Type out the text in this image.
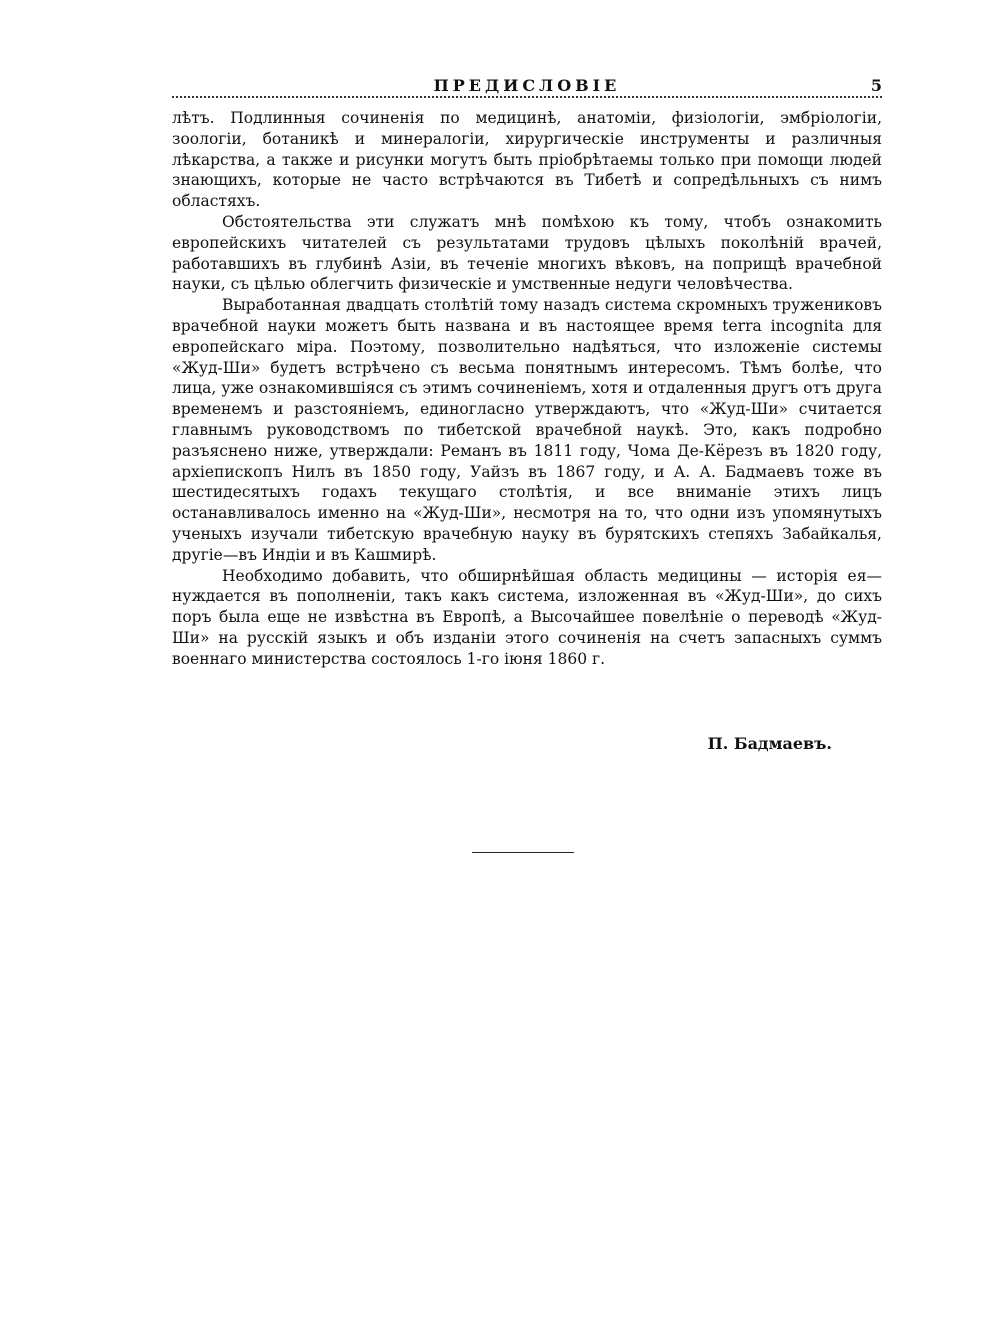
ПРЕДИСЛОВІЕ	5

лѣтъ. Подлинныя сочиненія по медицинѣ, анатоміи, физіологіи, эмбріологіи, зоологіи, ботаникѣ и минералогіи, хирургическіе инструменты и различныя лѣкарства, а также и рисунки могутъ быть пріобрѣтаемы только при помощи людей знающихъ, которые не часто встрѣчаются въ Тибетѣ и сопредѣльныхъ съ нимъ областяхъ.

Обстоятельства эти служатъ мнѣ помѣхою къ тому, чтобъ ознакомить европейскихъ читателей съ результатами трудовъ цѣлыхъ поколѣній врачей, работавшихъ въ глубинѣ Азіи, въ теченіе многихъ вѣковъ, на поприщѣ врачебной науки, съ цѣлью облегчить физическіе и умственные недуги человѣчества.

Выработанная двадцать столѣтій тому назадъ система скромныхъ тружениковъ врачебной науки можетъ быть названа и въ настоящее время terra incognita для европейскаго міра. Поэтому, позволительно надѣяться, что изложеніе системы «Жуд-Ши» будетъ встрѣчено съ весьма понятнымъ интересомъ. Тѣмъ болѣе, что лица, уже ознакомившіяся съ этимъ сочиненіемъ, хотя и отдаленныя другъ отъ друга временемъ и разстояніемъ, единогласно утверждаютъ, что «Жуд-Ши» считается главнымъ руководствомъ по тибетской врачебной наукѣ. Это, какъ подробно разъяснено ниже, утверждали: Реманъ въ 1811 году, Чома Де-Кёрезъ въ 1820 году, архіепископъ Нилъ въ 1850 году, Уайзъ въ 1867 году, и А. А. Бадмаевъ тоже въ шестидесятыхъ годахъ текущаго столѣтія, и все вниманіе этихъ лицъ останавливалось именно на «Жуд-Ши», несмотря на то, что одни изъ упомянутыхъ ученыхъ изучали тибетскую врачебную науку въ бурятскихъ степяхъ Забайкалья, другіе—въ Индіи и въ Кашмирѣ.

Необходимо добавить, что обширнѣйшая область медицины — исторія ея—нуждается въ пополненіи, такъ какъ система, изложенная въ «Жуд-Ши», до сихъ поръ была еще не извѣстна въ Европѣ, а Высочайшее повелѣніе о переводѣ «Жуд-Ши» на русскій языкъ и объ изданіи этого сочиненія на счетъ запасныхъ суммъ военнаго министерства состоялось 1-го іюня 1860 г.

П. Бадмаевъ.
